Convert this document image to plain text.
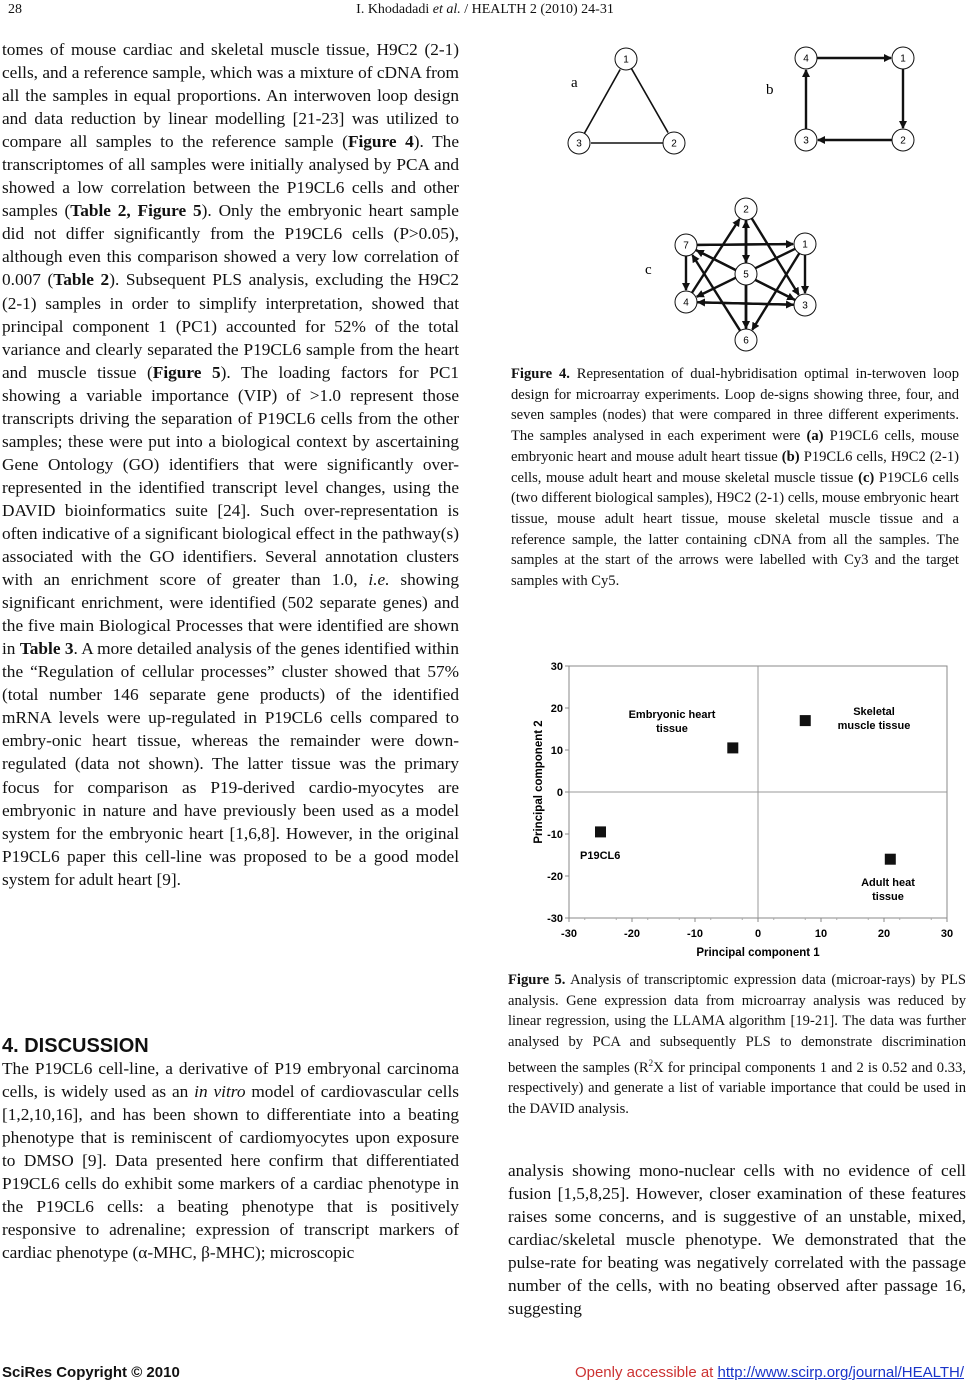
28	I. Khodadadi et al. / HEALTH 2 (2010) 24-31

tomes of mouse cardiac and skeletal muscle tissue, H9C2 (2-1) cells, and a reference sample, which was a mixture of cDNA from all the samples in equal proportions. An interwoven loop design and data reduction by linear modelling [21-23] was utilized to compare all samples to the reference sample (Figure 4). The transcriptomes of all samples were initially analysed by PCA and showed a low correlation between the P19CL6 cells and other samples (Table 2, Figure 5). Only the embryonic heart sample did not differ significantly from the P19CL6 cells (P>0.05), although even this comparison showed a very low correlation of 0.007 (Table 2). Subsequent PLS analysis, excluding the H9C2 (2-1) samples in order to simplify interpretation, showed that principal component 1 (PC1) accounted for 52% of the total variance and clearly separated the P19CL6 sample from the heart and muscle tissue (Figure 5). The loading factors for PC1 showing a variable importance (VIP) of >1.0 represent those transcripts driving the separation of P19CL6 cells from the other samples; these were put into a biological context by ascertaining Gene Ontology (GO) identifiers that were significantly over-represented in the identified transcript level changes, using the DAVID bioinformatics suite [24]. Such over-representation is often indicative of a significant biological effect in the pathway(s) associated with the GO identifiers. Several annotation clusters with an enrichment score of greater than 1.0, i.e. showing significant enrichment, were identified (502 separate genes) and the five main Biological Processes that were identified are shown in Table 3. A more detailed analysis of the genes identified within the “Regulation of cellular processes” cluster showed that 57% (total number 146 separate gene products) of the identified mRNA levels were up-regulated in P19CL6 cells compared to embry-onic heart tissue, whereas the remainder were down-regulated (data not shown). The latter tissue was the primary focus for comparison as P19-derived cardio-myocytes are embryonic in nature and have previously been used as a model system for the embryonic heart [1,6,8]. However, in the original P19CL6 paper this cell-line was proposed to be a good model system for adult heart [9].

4. DISCUSSION

The P19CL6 cell-line, a derivative of P19 embryonal carcinoma cells, is widely used as an in vitro model of cardiovascular cells [1,2,10,16], and has been shown to differentiate into a beating phenotype that is reminiscent of cardiomyocytes upon exposure to DMSO [9]. Data presented here confirm that differentiated P19CL6 cells do exhibit some markers of a cardiac phenotype in the P19CL6 cells: a beating phenotype that is positively responsive to adrenaline; expression of transcript markers of cardiac phenotype (α-MHC, β-MHC); microscopic

a	b
c
1
2
3
4	1
2
3
2
1
3
6
4
7
5
Figure 4. Representation of dual-hybridisation optimal in-terwoven loop design for microarray experiments. Loop de-signs showing three, four, and seven samples (nodes) that were compared in three different experiments. The samples analysed in each experiment were (a) P19CL6 cells, mouse embryonic heart and mouse adult heart tissue (b) P19CL6 cells, H9C2 (2-1) cells, mouse adult heart and mouse skeletal muscle tissue (c) P19CL6 cells (two different biological samples), H9C2 (2-1) cells, mouse embryonic heart tissue, mouse adult heart tissue, mouse skeletal muscle tissue and a reference sample, the latter containing cDNA from all the samples. The samples at the start of the arrows were labelled with Cy3 and the target samples with Cy5.
-30	-20	-10	0	10	20	30
30
20
10
0
-10
-20
-30
Principal component 1
Principal component 2
Embryonic heart
tissue
Skeletal
muscle tissue
P19CL6
Adult heat
tissue
Figure 5. Analysis of transcriptomic expression data (microar-rays) by PLS analysis. Gene expression data from microarray analysis was reduced by linear regression, using the LLAMA algorithm [19-21]. The data was further analysed by PCA and subsequently PLS to demonstrate discrimination between the samples ($R^2X$ for principal components 1 and 2 is 0.52 and 0.33, respectively) and generate a list of variable importance that could be used in the DAVID analysis.

analysis showing mono-nuclear cells with no evidence of cell fusion [1,5,8,25]. However, closer examination of these features raises some concerns, and is suggestive of an unstable, mixed, cardiac/skeletal muscle phenotype. We demonstrated that the pulse-rate for beating was negatively correlated with the passage number of the cells, with no beating observed after passage 16, suggesting

SciRes Copyright © 2010	Openly accessible at http://www.scirp.org/journal/HEALTH/
